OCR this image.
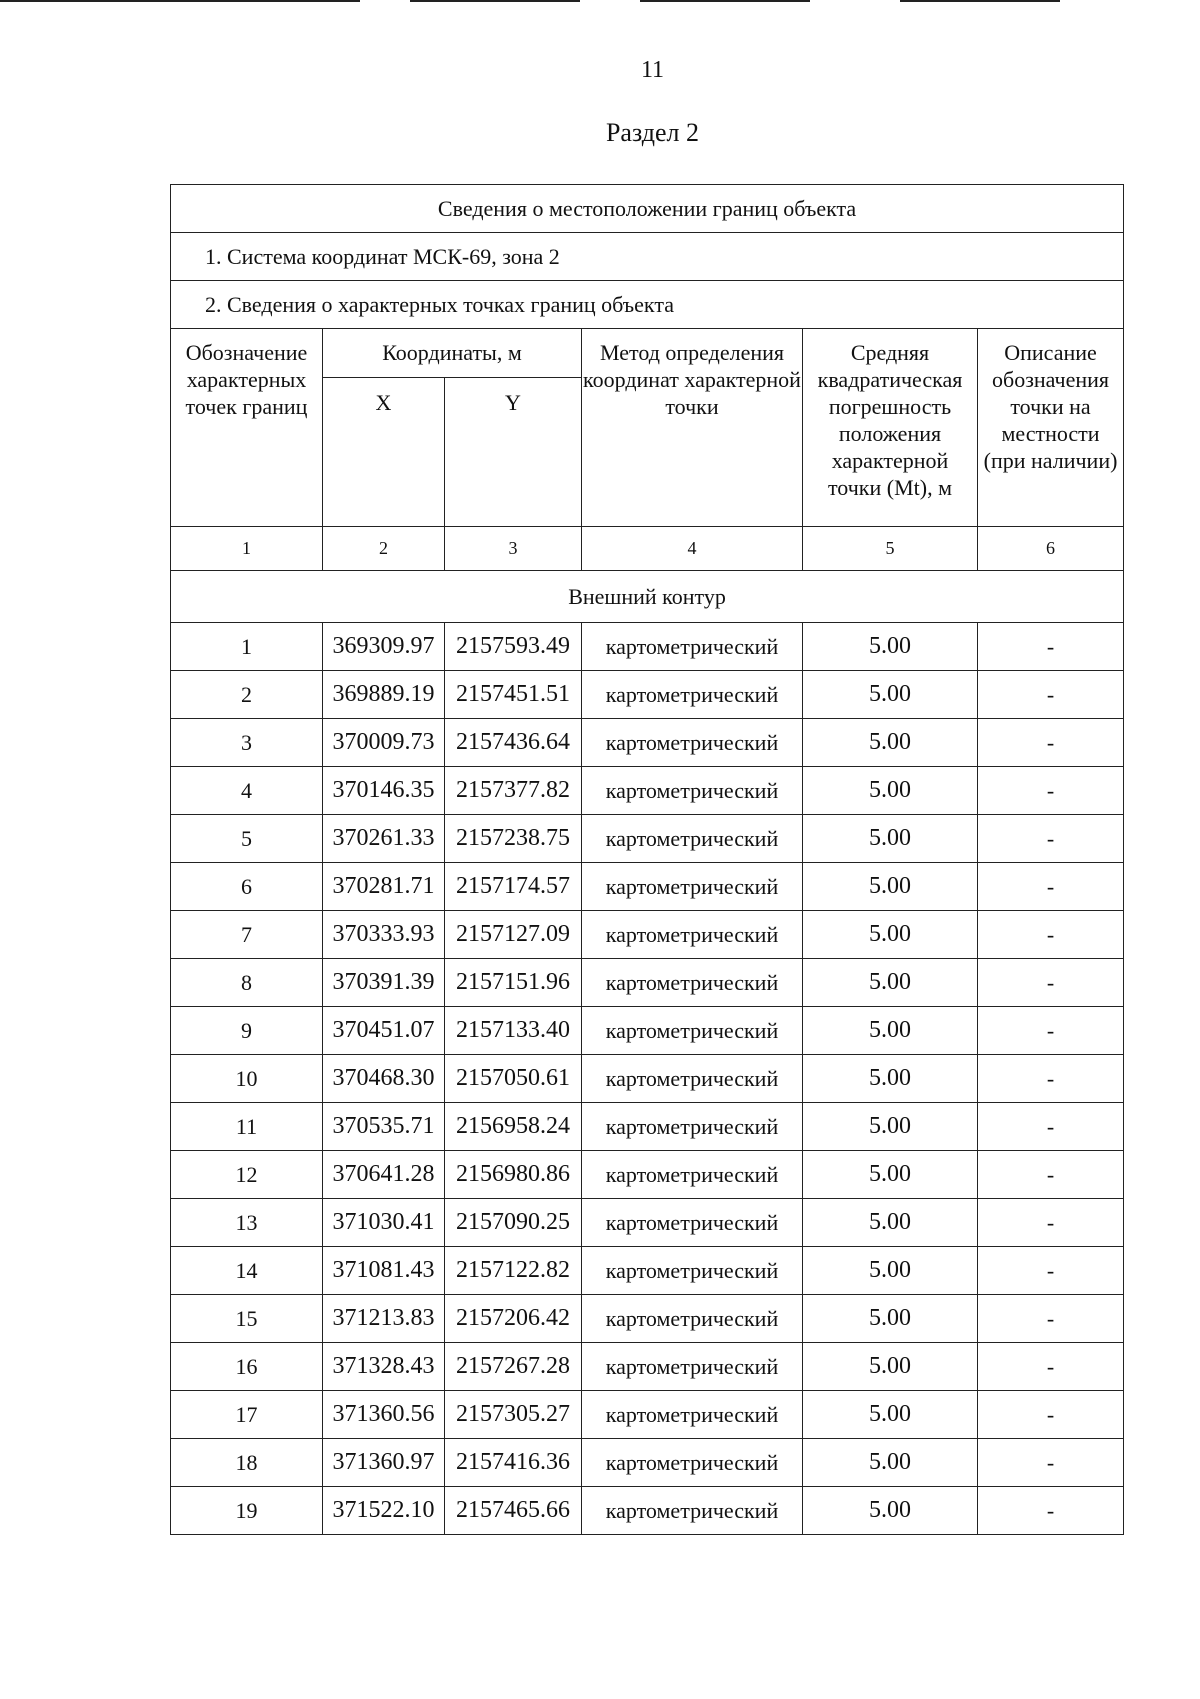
11
Раздел 2
Сведения о местоположении границ объекта					
1. Система координат МСК-69, зона 2					
2. Сведения о характерных точках границ объекта					
Обозначение характерных точек границ	Координаты, м		Метод определения координат характерной точки	Средняя квадратическая погрешность положения характерной точки (Mt), м	Описание обозначения точки на местности (при наличии)
	X	Y			
1	2	3	4	5	6
Внешний контур					
1	369309.97	2157593.49	картометрический	5.00	-
2	369889.19	2157451.51	картометрический	5.00	-
3	370009.73	2157436.64	картометрический	5.00	-
4	370146.35	2157377.82	картометрический	5.00	-
5	370261.33	2157238.75	картометрический	5.00	-
6	370281.71	2157174.57	картометрический	5.00	-
7	370333.93	2157127.09	картометрический	5.00	-
8	370391.39	2157151.96	картометрический	5.00	-
9	370451.07	2157133.40	картометрический	5.00	-
10	370468.30	2157050.61	картометрический	5.00	-
11	370535.71	2156958.24	картометрический	5.00	-
12	370641.28	2156980.86	картометрический	5.00	-
13	371030.41	2157090.25	картометрический	5.00	-
14	371081.43	2157122.82	картометрический	5.00	-
15	371213.83	2157206.42	картометрический	5.00	-
16	371328.43	2157267.28	картометрический	5.00	-
17	371360.56	2157305.27	картометрический	5.00	-
18	371360.97	2157416.36	картометрический	5.00	-
19	371522.10	2157465.66	картометрический	5.00	-
